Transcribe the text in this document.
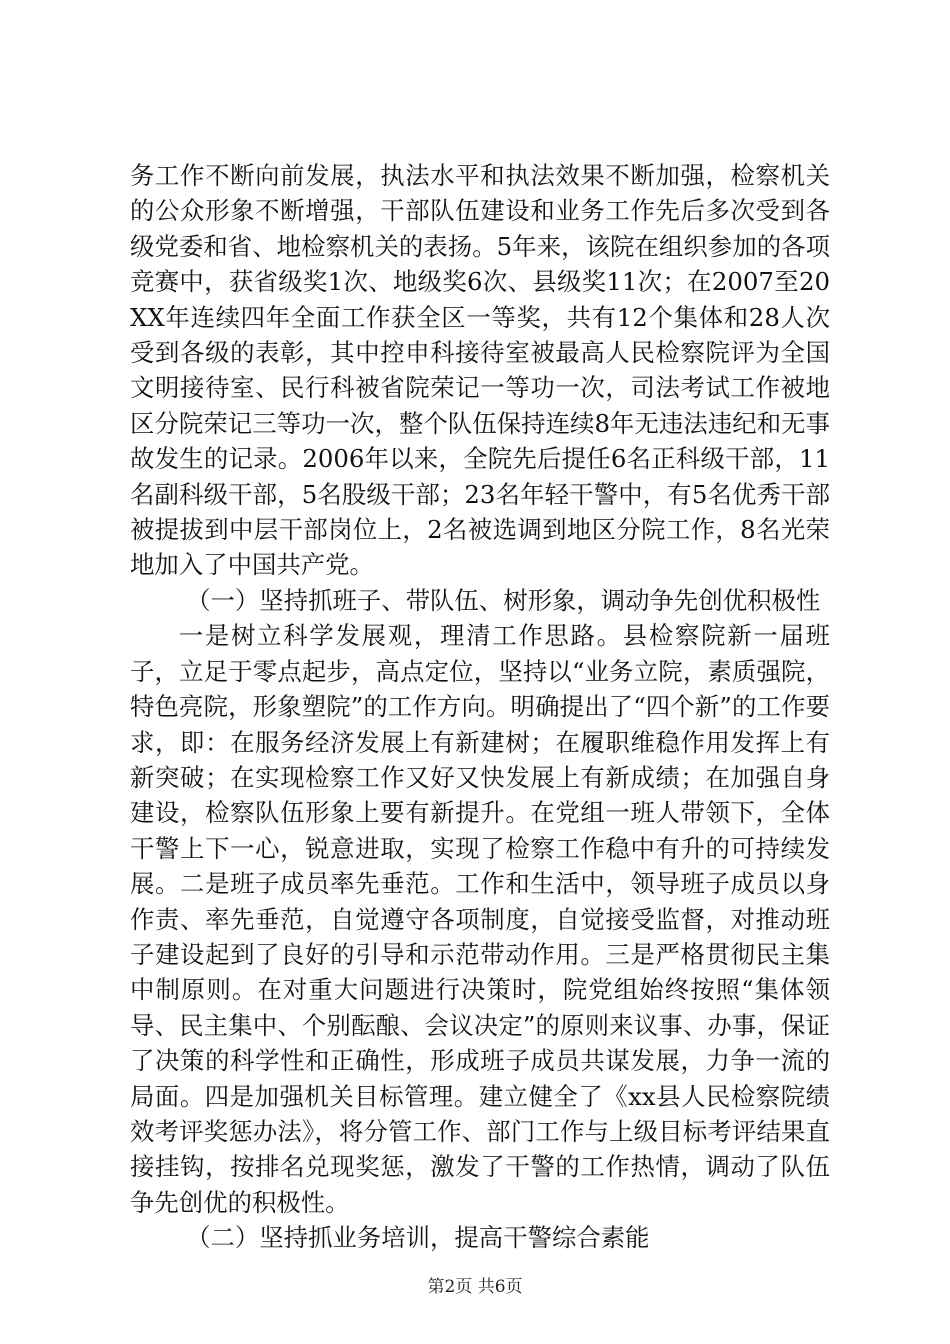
务工作不断向前发展，执法水平和执法效果不断加强，检察机关的公众形象不断增强，干部队伍建设和业务工作先后多次受到各级党委和省、地检察机关的表扬。5年来，该院在组织参加的各项竞赛中，获省级奖1次、地级奖6次、县级奖11次；在2007至20XX年连续四年全面工作获全区一等奖，共有12个集体和28人次受到各级的表彰，其中控申科接待室被最高人民检察院评为全国文明接待室、民行科被省院荣记一等功一次，司法考试工作被地区分院荣记三等功一次，整个队伍保持连续8年无违法违纪和无事故发生的记录。2006年以来，全院先后提任6名正科级干部，11名副科级干部，5名股级干部；23名年轻干警中，有5名优秀干部被提拔到中层干部岗位上，2名被选调到地区分院工作，8名光荣地加入了中国共产党。

（一）坚持抓班子、带队伍、树形象，调动争先创优积极性

一是树立科学发展观，理清工作思路。县检察院新一届班子，立足于零点起步，高点定位，坚持以“业务立院，素质强院，特色亮院，形象塑院”的工作方向。明确提出了“四个新”的工作要求，即：在服务经济发展上有新建树；在履职维稳作用发挥上有新突破；在实现检察工作又好又快发展上有新成绩；在加强自身建设，检察队伍形象上要有新提升。在党组一班人带领下，全体干警上下一心，锐意进取，实现了检察工作稳中有升的可持续发展。二是班子成员率先垂范。工作和生活中，领导班子成员以身作责、率先垂范，自觉遵守各项制度，自觉接受监督，对推动班子建设起到了良好的引导和示范带动作用。三是严格贯彻民主集中制原则。在对重大问题进行决策时，院党组始终按照“集体领导、民主集中、个别酝酿、会议决定”的原则来议事、办事，保证了决策的科学性和正确性，形成班子成员共谋发展，力争一流的局面。四是加强机关目标管理。建立健全了《xx县人民检察院绩效考评奖惩办法》，将分管工作、部门工作与上级目标考评结果直接挂钩，按排名兑现奖惩，激发了干警的工作热情，调动了队伍争先创优的积极性。

（二）坚持抓业务培训，提高干警综合素能

第2页 共6页
